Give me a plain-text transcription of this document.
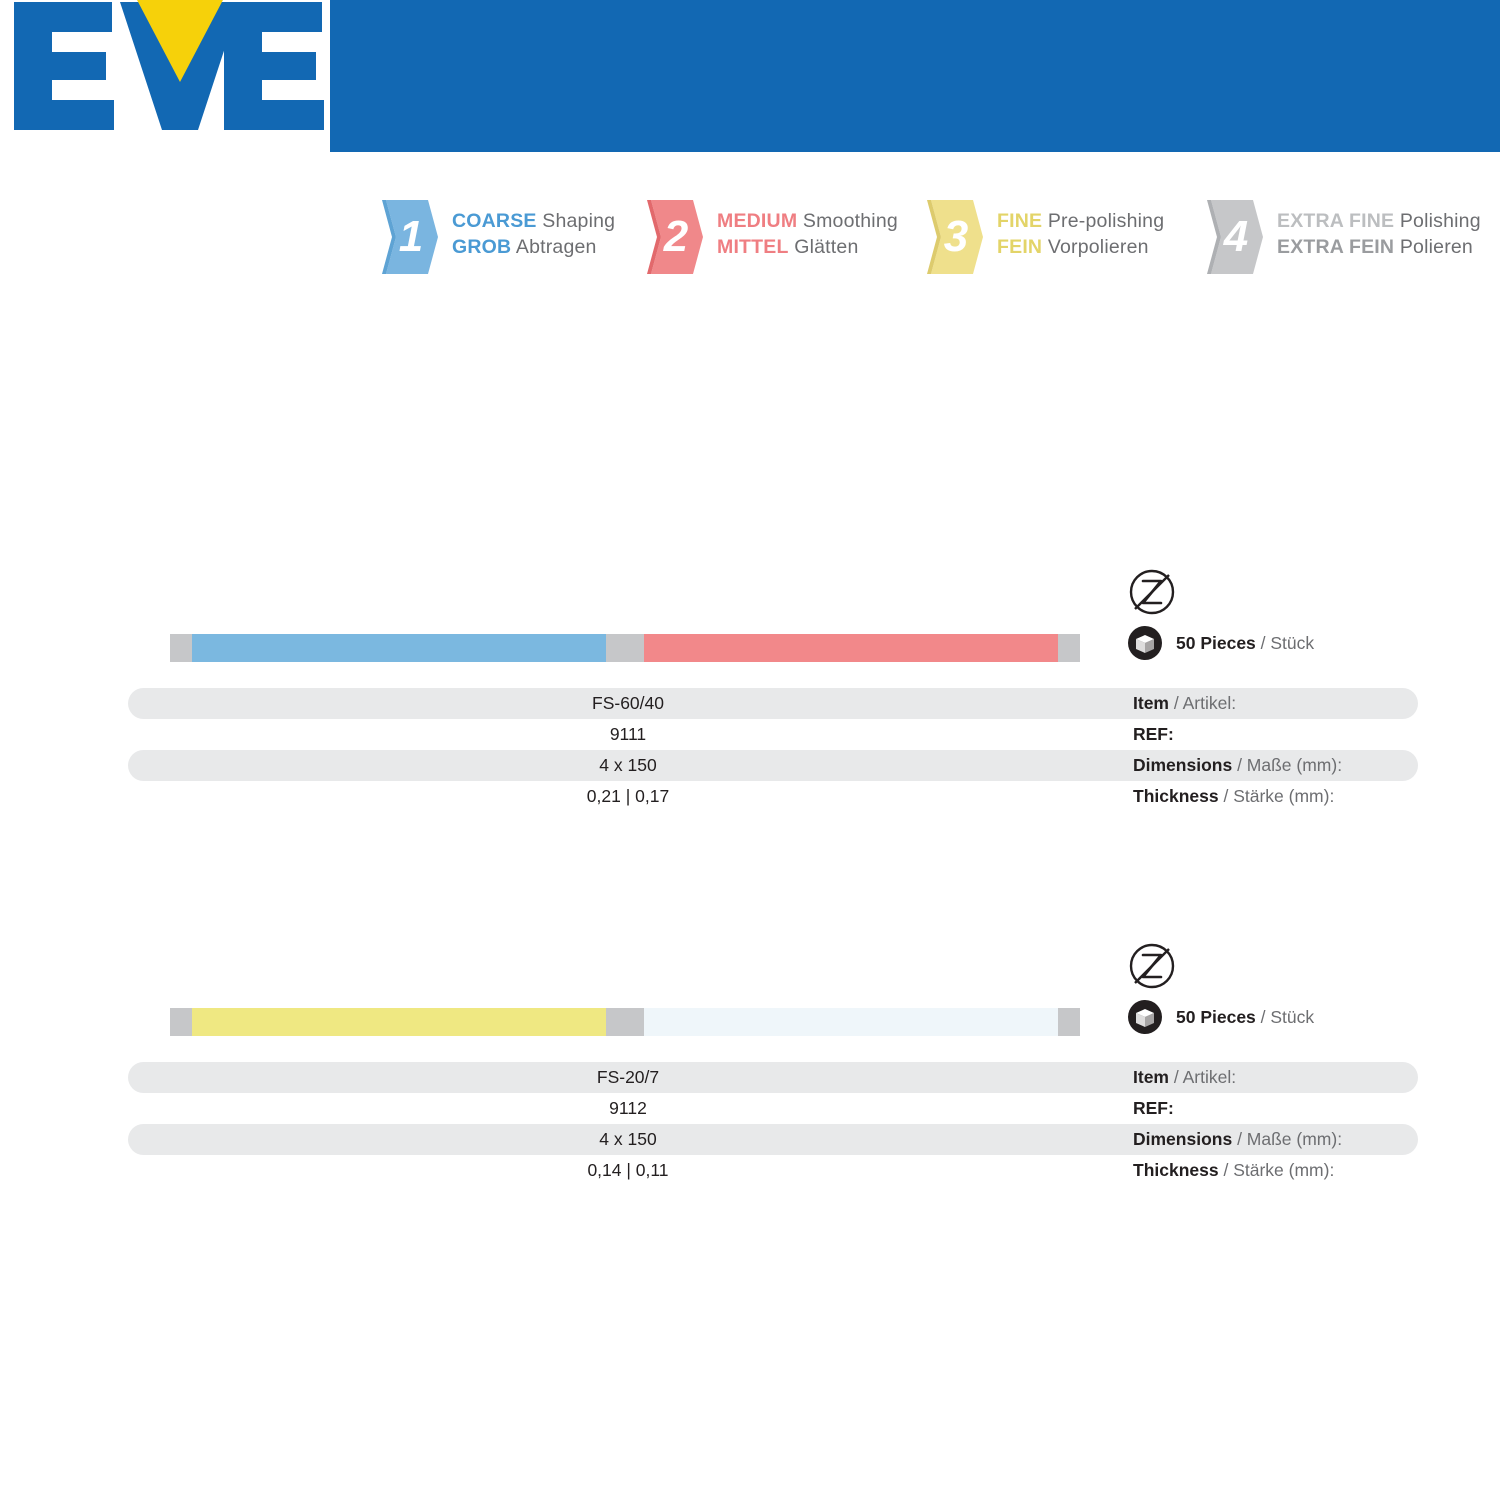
1	COARSE Shaping
GROB Abtragen	2	MEDIUM Smoothing
MITTEL Glätten	3	FINE Pre-polishing
FEIN Vorpolieren	4	EXTRA FINE Polishing
EXTRA FEIN Polieren
50 Pieces / Stück
FS-60/40	Item / Artikel:
9111	REF:
4 x 150	Dimensions / Maße (mm):
0,21 | 0,17	Thickness / Stärke (mm):
50 Pieces / Stück
FS-20/7	Item / Artikel:
9112	REF:
4 x 150	Dimensions / Maße (mm):
0,14 | 0,11	Thickness / Stärke (mm):
